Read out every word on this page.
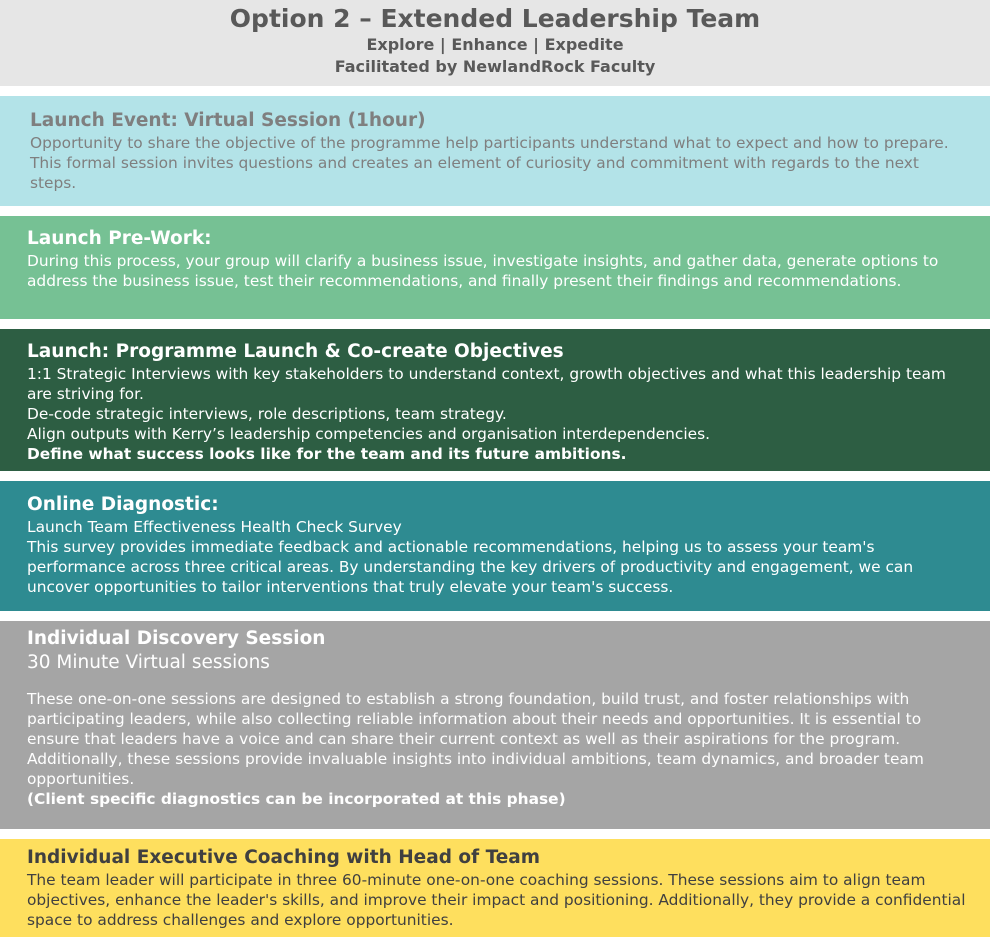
Option 2 – Extended Leadership Team
Explore | Enhance | Expedite
Facilitated by NewlandRock Faculty

Launch Event: Virtual Session (1hour)

Opportunity to share the objective of the programme help participants understand what to expect and how to prepare. This formal session invites questions and creates an element of curiosity and commitment with regards to the next steps.

Launch Pre-Work:

During this process, your group will clarify a business issue, investigate insights, and gather data, generate options to address the business issue, test their recommendations, and finally present their findings and recommendations.

Launch: Programme Launch & Co-create Objectives

1:1 Strategic Interviews with key stakeholders to understand context, growth objectives and what this leadership team are striving for.

De-code strategic interviews, role descriptions, team strategy.

Align outputs with Kerry’s leadership competencies and organisation interdependencies.

Define what success looks like for the team and its future ambitions.

Online Diagnostic:

Launch Team Effectiveness Health Check Survey

This survey provides immediate feedback and actionable recommendations, helping us to assess your team's performance across three critical areas. By understanding the key drivers of productivity and engagement, we can uncover opportunities to tailor interventions that truly elevate your team's success.

Individual Discovery Session

30 Minute Virtual sessions

These one-on-one sessions are designed to establish a strong foundation, build trust, and foster relationships with participating leaders, while also collecting reliable information about their needs and opportunities. It is essential to ensure that leaders have a voice and can share their current context as well as their aspirations for the program. Additionally, these sessions provide invaluable insights into individual ambitions, team dynamics, and broader team opportunities.

(Client specific diagnostics can be incorporated at this phase)

Individual Executive Coaching with Head of Team

The team leader will participate in three 60-minute one-on-one coaching sessions. These sessions aim to align team objectives, enhance the leader's skills, and improve their impact and positioning. Additionally, they provide a confidential space to address challenges and explore opportunities.
